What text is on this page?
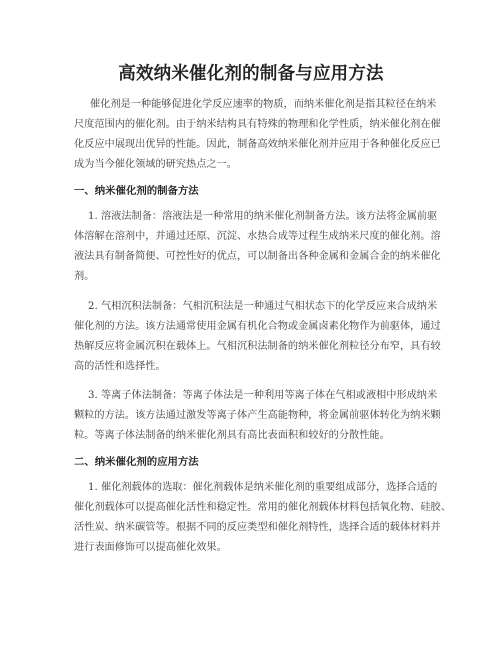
高效纳米催化剂的制备与应用方法
催化剂是一种能够促进化学反应速率的物质，而纳米催化剂是指其粒径在纳米
尺度范围内的催化剂。由于纳米结构具有特殊的物理和化学性质，纳米催化剂在催
化反应中展现出优异的性能。因此，制备高效纳米催化剂并应用于各种催化反应已
成为当今催化领域的研究热点之一。
一、纳米催化剂的制备方法
1. 溶液法制备：溶液法是一种常用的纳米催化剂制备方法。该方法将金属前驱
体溶解在溶剂中，并通过还原、沉淀、水热合成等过程生成纳米尺度的催化剂。溶
液法具有制备简便、可控性好的优点，可以制备出各种金属和金属合金的纳米催化
剂。
2. 气相沉积法制备：气相沉积法是一种通过气相状态下的化学反应来合成纳米
催化剂的方法。该方法通常使用金属有机化合物或金属卤素化物作为前驱体，通过
热解反应将金属沉积在载体上。气相沉积法制备的纳米催化剂粒径分布窄，具有较
高的活性和选择性。
3. 等离子体法制备：等离子体法是一种利用等离子体在气相或液相中形成纳米
颗粒的方法。该方法通过激发等离子体产生高能物种，将金属前驱体转化为纳米颗
粒。等离子体法制备的纳米催化剂具有高比表面积和较好的分散性能。
二、纳米催化剂的应用方法
1. 催化剂载体的选取：催化剂载体是纳米催化剂的重要组成部分，选择合适的
催化剂载体可以提高催化活性和稳定性。常用的催化剂载体材料包括氧化物、硅胶、
活性炭、纳米碳管等。根据不同的反应类型和催化剂特性，选择合适的载体材料并
进行表面修饰可以提高催化效果。
